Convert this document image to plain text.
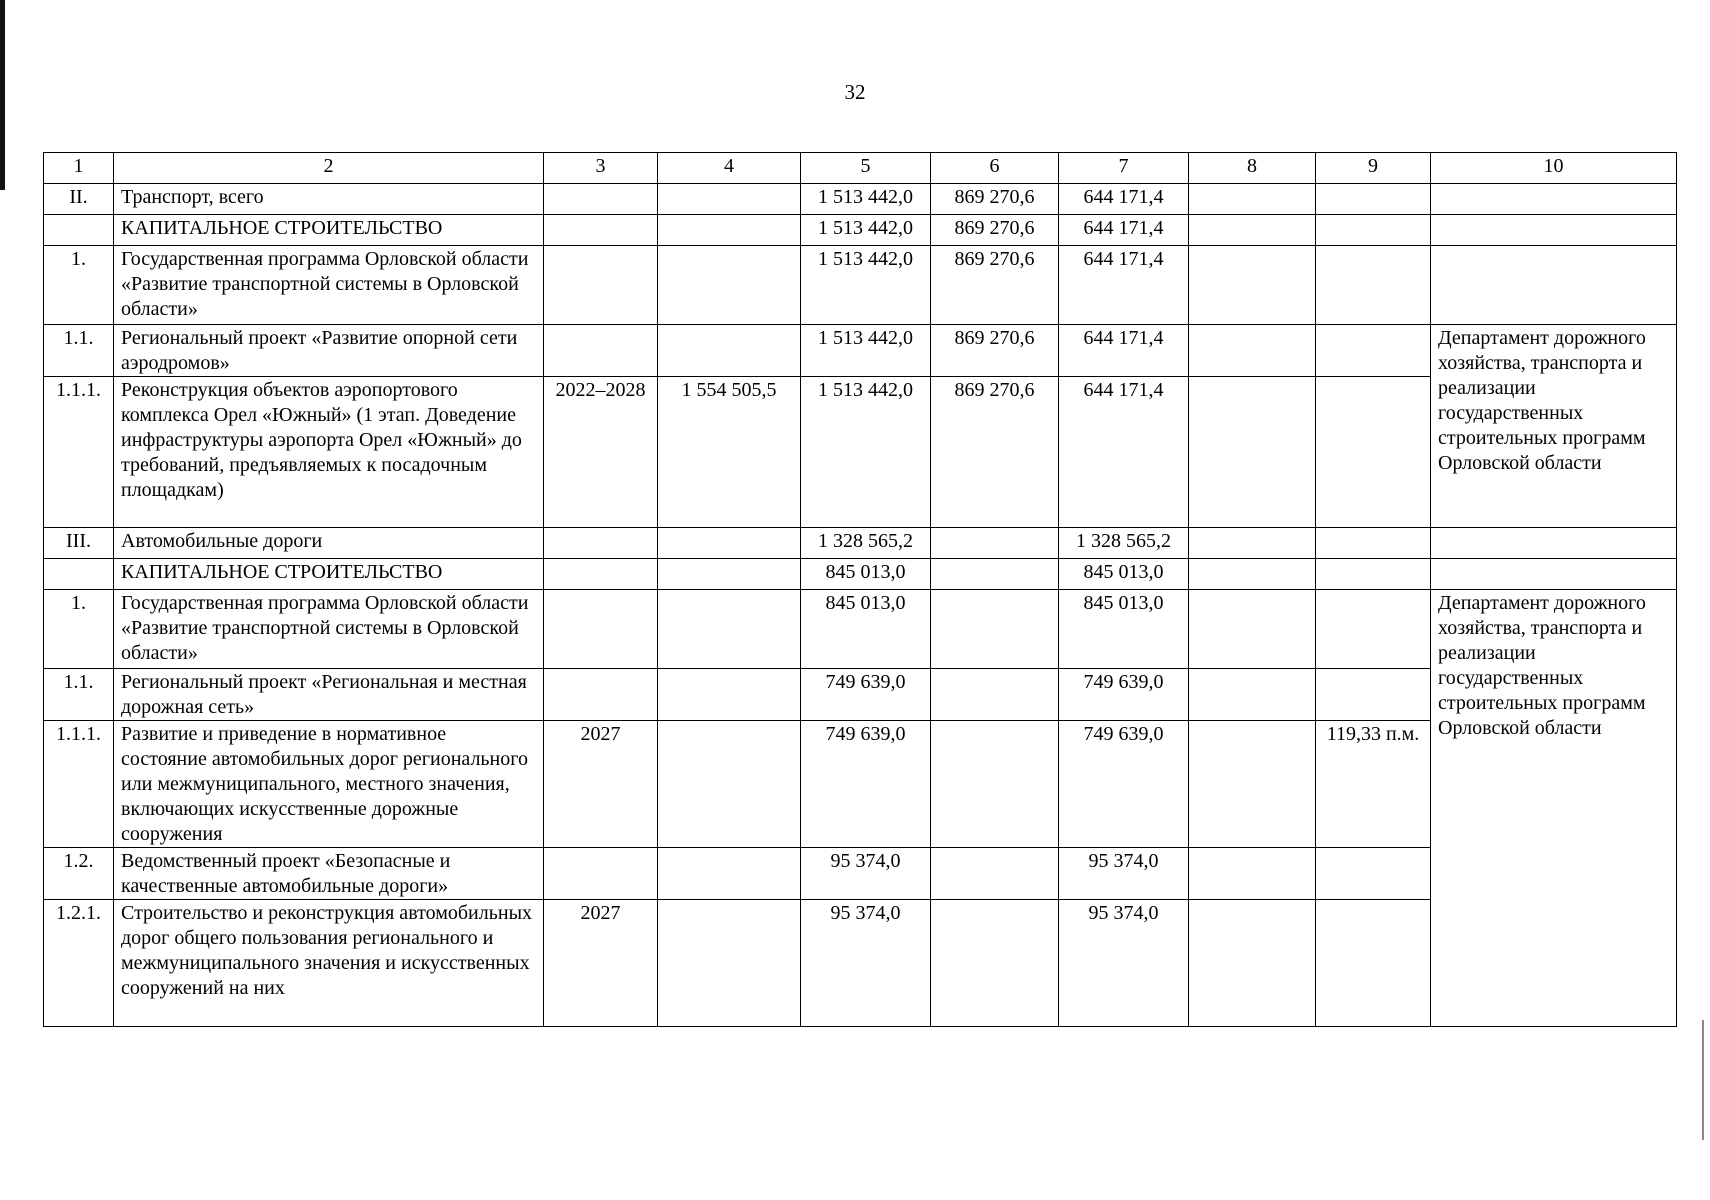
32
1	2	3	4	5	6	7	8	9	10
II.	Транспорт, всего			1 513 442,0	869 270,6	644 171,4			
	КАПИТАЛЬНОЕ СТРОИТЕЛЬСТВО			1 513 442,0	869 270,6	644 171,4			
1.	Государственная программа Орловской области «Развитие транспортной системы в Орловской области»			1 513 442,0	869 270,6	644 171,4			
1.1.	Региональный проект «Развитие опорной сети аэродромов»			1 513 442,0	869 270,6	644 171,4			Департамент дорожного хозяйства, транспорта и реализации государственных строительных программ Орловской области
1.1.1.	Реконструкция объектов аэропортового комплекса Орел «Южный» (1 этап. Доведение инфраструктуры аэропорта Орел «Южный» до требований, предъявляемых к посадочным площадкам)	2022–2028	1 554 505,5	1 513 442,0	869 270,6	644 171,4			
III.	Автомобильные дороги			1 328 565,2		1 328 565,2			
	КАПИТАЛЬНОЕ СТРОИТЕЛЬСТВО			845 013,0		845 013,0			
1.	Государственная программа Орловской области «Развитие транспортной системы в Орловской области»			845 013,0		845 013,0			Департамент дорожного хозяйства, транспорта и реализации государственных строительных программ Орловской области
1.1.	Региональный проект «Региональная и местная дорожная сеть»			749 639,0		749 639,0			
1.1.1.	Развитие и приведение в нормативное состояние автомобильных дорог регионального или межмуниципального, местного значения, включающих искусственные дорожные сооружения	2027		749 639,0		749 639,0		119,33 п.м.	
1.2.	Ведомственный проект «Безопасные и качественные автомобильные дороги»			95 374,0		95 374,0			
1.2.1.	Строительство и реконструкция автомобильных дорог общего пользования регионального и межмуниципального значения и искусственных сооружений на них	2027		95 374,0		95 374,0			
